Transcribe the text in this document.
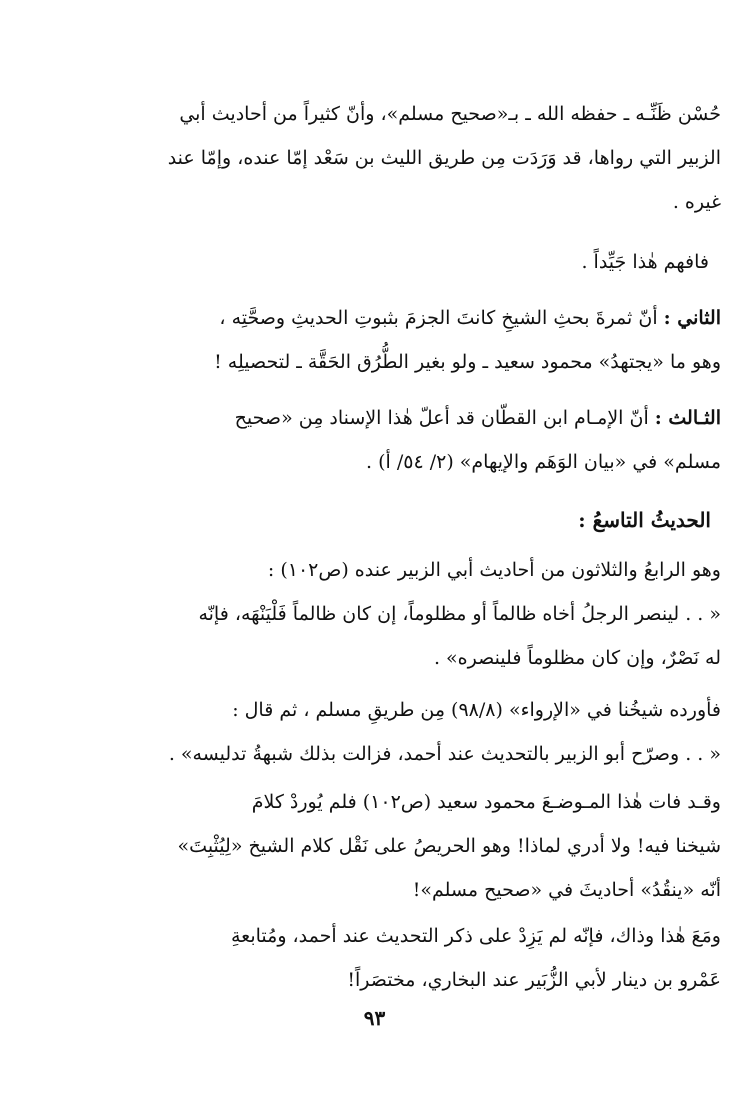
حُسْن ظَنِّـه ـ حفظه الله ـ بـ«صحيح مسلم»، وأنّ كثيراً من أحاديث أبي
الزبير التي رواها، قد وَرَدَت مِن طريق الليث بن سَعْد إمّا عنده، وإمّا عند
غيره .

فافهم هٰذا جَيِّداً .

الثاني : أنّ ثمرةَ بحثِ الشيخِ كانتَ الجزمَ بثبوتِ الحديثِ وصحَّتِه ،
وهو ما «يجتهدُ» محمود سعيد ـ ولو بغير الطُّرُق الحَقَّة ـ لتحصيلِه !

الثـالث : أنّ الإمـام ابن القطّان قد أعلّ هٰذا الإسناد مِن «صحيح
مسلم» في «بيان الوَهَم والإيهام» (٢/ ٥٤/ أ) .

الحديثُ التاسعُ :

وهو الرابعُ والثلاثون من أحاديث أبي الزبير عنده (ص١٠٢) :
« . . لينصر الرجلُ أخاه ظالماً أو مظلوماً، إن كان ظالماً فَلْيَنْهَه، فإنّه
له نَصْرٌ، وإن كان مظلوماً فلينصره» .

فأورده شيخُنا في «الإرواء» (٩٨/٨) مِن طريقِ مسلم ، ثم قال :
« . . وصرّح أبو الزبير بالتحديث عند أحمد، فزالت بذلك شبهةُ تدليسه» .

وقـد فات هٰذا المـوضـعَ محمود سعيد (ص١٠٢) فلم يُوردْ كلامَ
شيخنا فيه! ولا أدري لماذا! وهو الحريصُ على نَقْل كلام الشيخ «لِيُثْبِتَ»
أنّه «ينقُدُ» أحاديثَ في «صحيح مسلم»!

ومَعَ هٰذا وذاك، فإنّه لم يَزِدْ على ذكر التحديث عند أحمد، ومُتابعةِ
عَمْرو بن دينار لأبي الزُّبَير عند البخاري، مختصَراً!

٩٣
